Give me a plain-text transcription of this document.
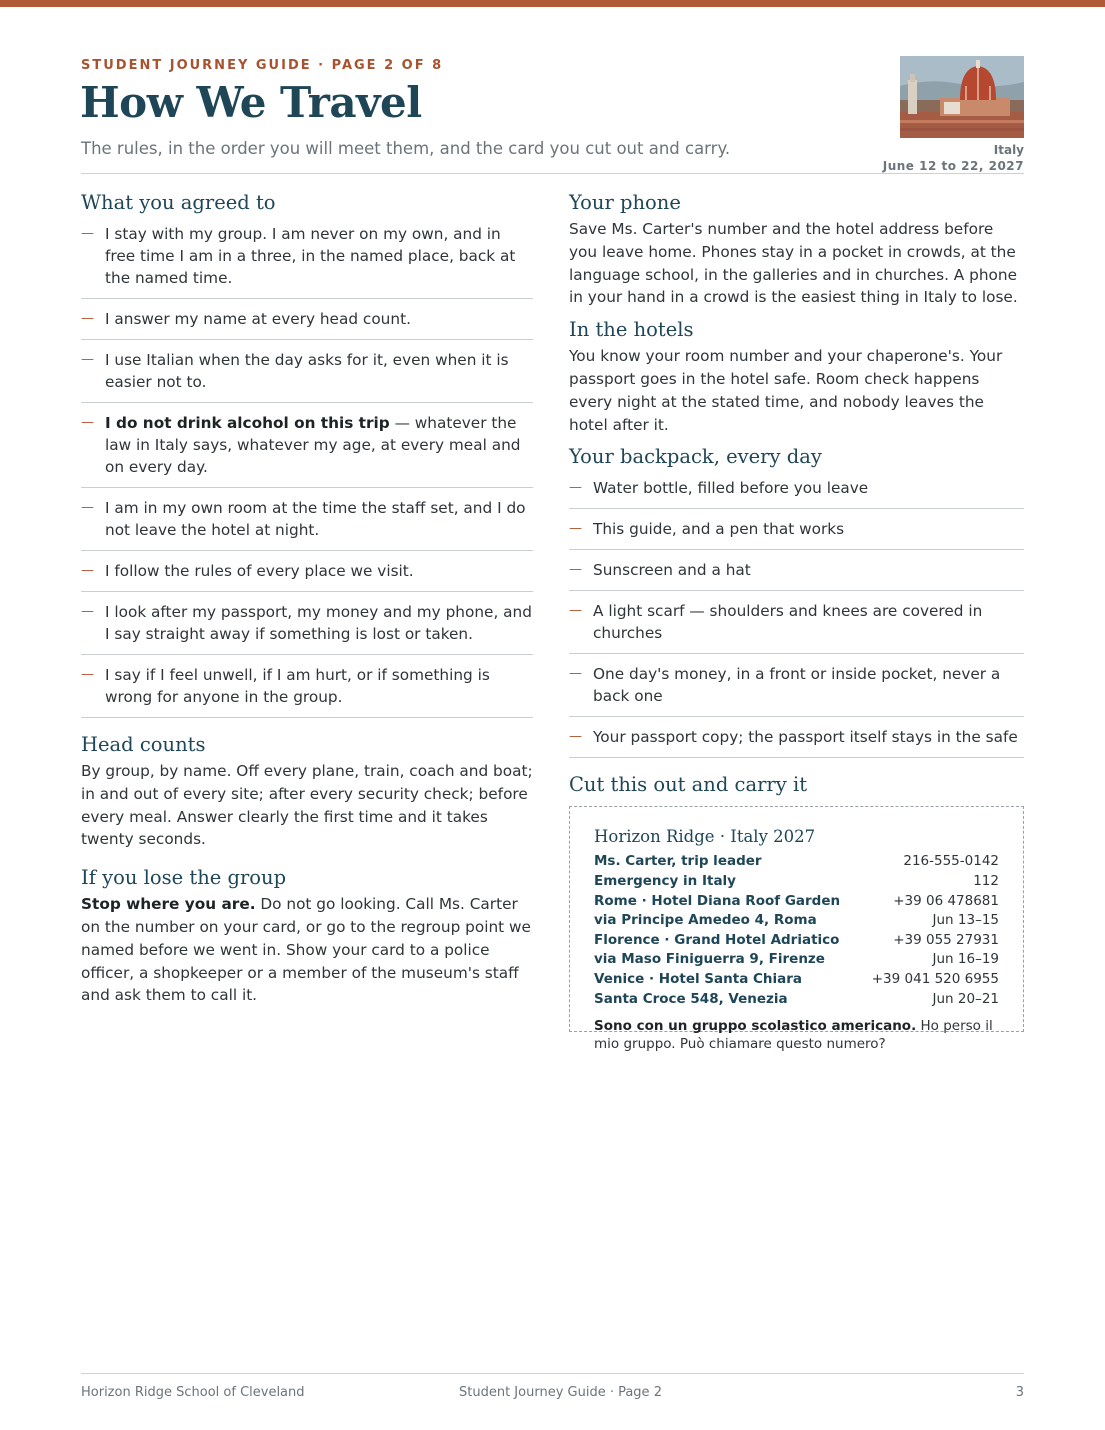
STUDENT JOURNEY GUIDE · PAGE 2 OF 8
How We Travel
The rules, in the order you will meet them, and the card you cut out and carry.	Italy
June 12 to 22, 2027
What you agreed to
— I stay with my group. I am never on my own, and in free time I am in a three, in the named place, back at the named time.
— I answer my name at every head count.
— I use Italian when the day asks for it, even when it is easier not to.
— I do not drink alcohol on this trip — whatever the law in Italy says, whatever my age, at every meal and on every day.
— I am in my own room at the time the staff set, and I do not leave the hotel at night.
— I follow the rules of every place we visit.
— I look after my passport, my money and my phone, and I say straight away if something is lost or taken.
— I say if I feel unwell, if I am hurt, or if something is wrong for anyone in the group.
Head counts

By group, by name. Off every plane, train, coach and boat; in and out of every site; after every security check; before every meal. Answer clearly the first time and it takes twenty seconds.

If you lose the group

Stop where you are. Do not go looking. Call Ms. Carter on the number on your card, or go to the regroup point we named before we went in. Show your card to a police officer, a shopkeeper or a member of the museum's staff and ask them to call it.

Your phone

Save Ms. Carter's number and the hotel address before you leave home. Phones stay in a pocket in crowds, at the language school, in the galleries and in churches. A phone in your hand in a crowd is the easiest thing in Italy to lose.

In the hotels

You know your room number and your chaperone's. Your passport goes in the hotel safe. Room check happens every night at the stated time, and nobody leaves the hotel after it.

Your backpack, every day
— Water bottle, filled before you leave
— This guide, and a pen that works
— Sunscreen and a hat
— A light scarf — shoulders and knees are covered in churches
— One day's money, in a front or inside pocket, never a back one
— Your passport copy; the passport itself stays in the safe
Cut this out and carry it
Horizon Ridge · Italy 2027
Ms. Carter, trip leader	216-555-0142
Emergency in Italy	112
Rome · Hotel Diana Roof Garden	+39 06 478681
via Principe Amedeo 4, Roma	Jun 13–15
Florence · Grand Hotel Adriatico	+39 055 27931
via Maso Finiguerra 9, Firenze	Jun 16–19
Venice · Hotel Santa Chiara	+39 041 520 6955
Santa Croce 548, Venezia	Jun 20–21
Sono con un gruppo scolastico americano. Ho perso il mio gruppo. Può chiamare questo numero?
Horizon Ridge School of Cleveland	Student Journey Guide · Page 2	3
